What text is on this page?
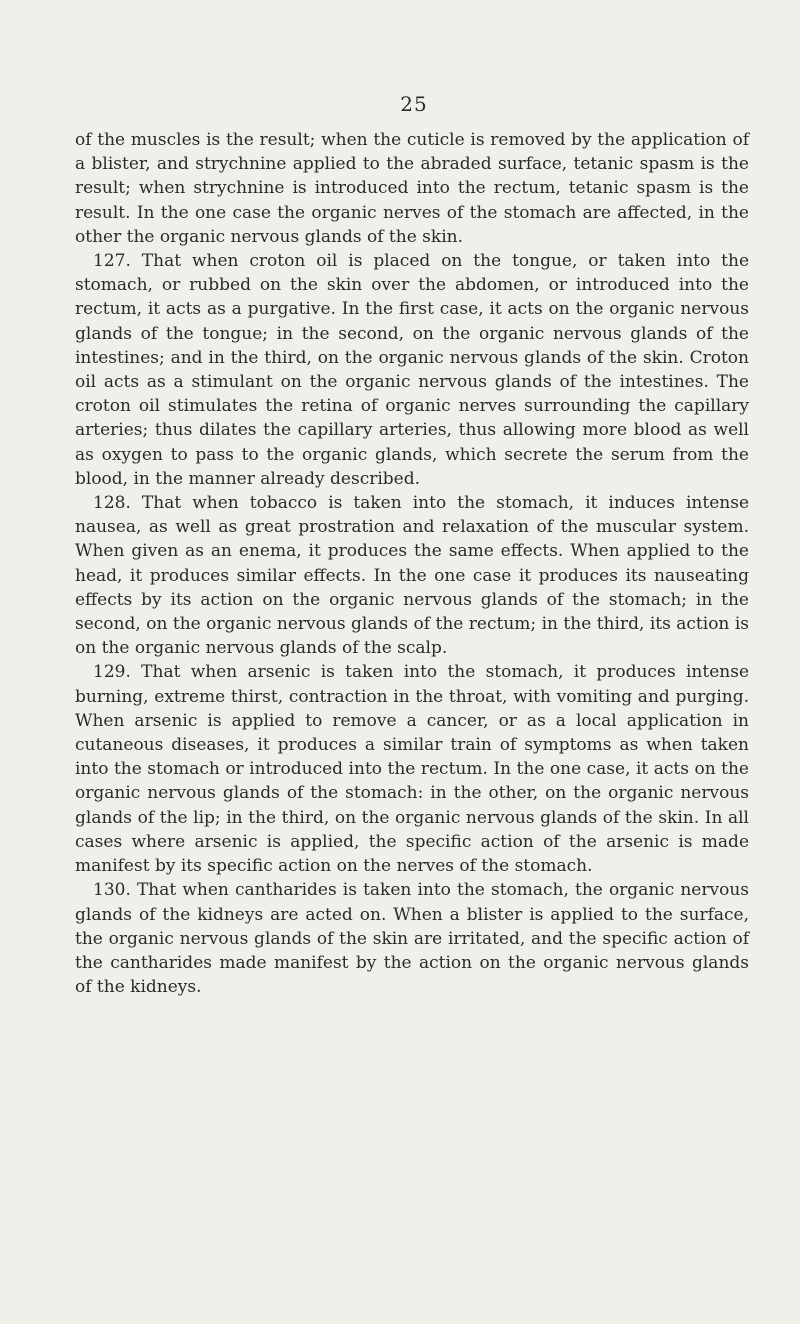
25

of the muscles is the result; when the cuticle is removed by the application of a blister, and strychnine applied to the abraded surface, tetanic spasm is the result; when strychnine is introduced into the rectum, tetanic spasm is the result. In the one case the organic nerves of the stomach are affected, in the other the organic nervous glands of the skin.

127. That when croton oil is placed on the tongue, or taken into the stomach, or rubbed on the skin over the abdomen, or introduced into the rectum, it acts as a purgative. In the first case, it acts on the organic nervous glands of the tongue; in the second, on the organic nervous glands of the intestines; and in the third, on the organic nervous glands of the skin. Croton oil acts as a stimulant on the organic nervous glands of the intestines. The croton oil stimulates the retina of organic nerves surrounding the capillary arteries; thus dilates the capillary arteries, thus allowing more blood as well as oxygen to pass to the organic glands, which secrete the serum from the blood, in the manner already described.

128. That when tobacco is taken into the stomach, it induces intense nausea, as well as great prostration and relaxation of the muscular system. When given as an enema, it produces the same effects. When applied to the head, it produces similar effects. In the one case it produces its nauseating effects by its action on the organic nervous glands of the stomach; in the second, on the organic nervous glands of the rectum; in the third, its action is on the organic nervous glands of the scalp.

129. That when arsenic is taken into the stomach, it produces intense burning, extreme thirst, contraction in the throat, with vomiting and purging. When arsenic is applied to remove a cancer, or as a local application in cutaneous diseases, it produces a similar train of symptoms as when taken into the stomach or introduced into the rectum. In the one case, it acts on the organic nervous glands of the stomach: in the other, on the organic nervous glands of the lip; in the third, on the organic nervous glands of the skin. In all cases where arsenic is applied, the specific action of the arsenic is made manifest by its specific action on the nerves of the stomach.

130. That when cantharides is taken into the stomach, the organic nervous glands of the kidneys are acted on. When a blister is applied to the surface, the organic nervous glands of the skin are irritated, and the specific action of the cantharides made manifest by the action on the organic nervous glands of the kidneys.
